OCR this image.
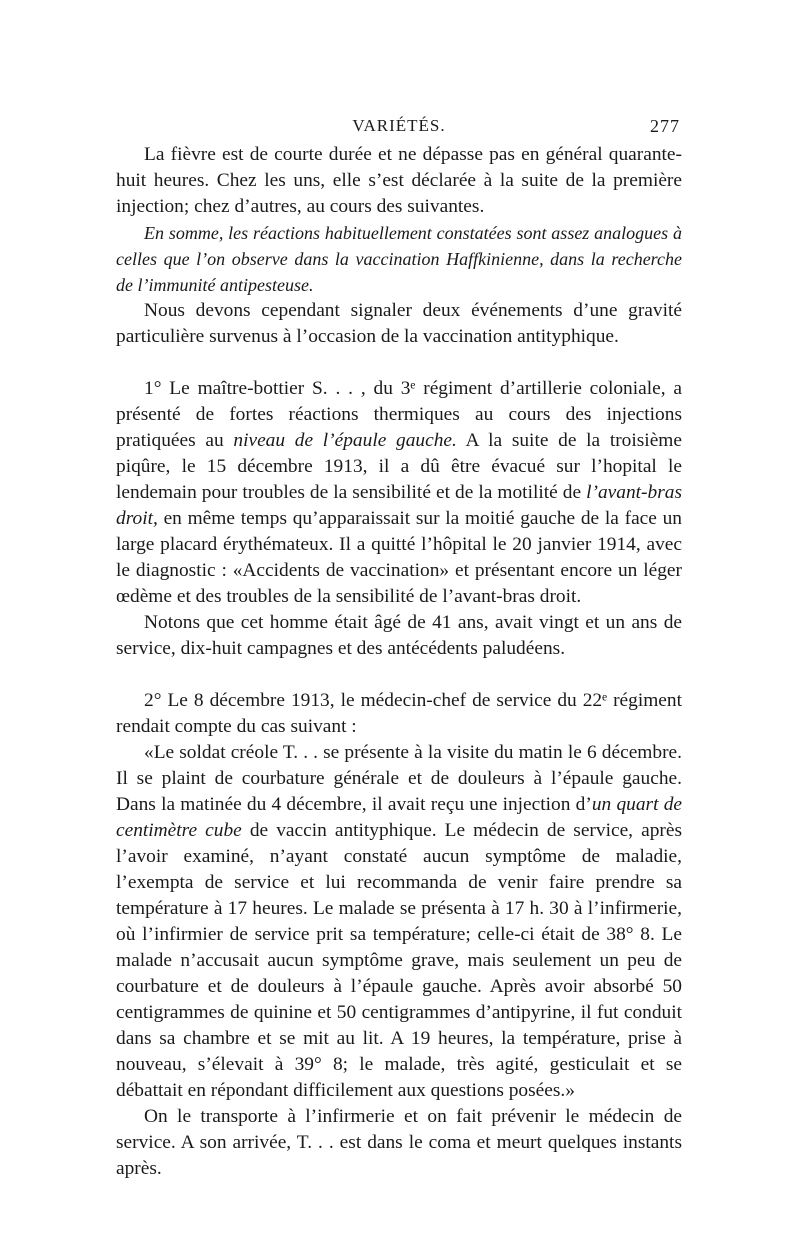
VARIÉTÉS.	277

La fièvre est de courte durée et ne dépasse pas en général quarante-huit heures. Chez les uns, elle s’est déclarée à la suite de la première injection; chez d’autres, au cours des suivantes.

En somme, les réactions habituellement constatées sont assez analogues à celles que l’on observe dans la vaccination Haffkinienne, dans la recherche de l’immunité antipesteuse.

Nous devons cependant signaler deux événements d’une gravité particulière survenus à l’occasion de la vaccination antityphique.

1° Le maître-bottier S. . . , du 3ᵉ régiment d’artillerie coloniale, a présenté de fortes réactions thermiques au cours des injections pratiquées au niveau de l’épaule gauche. A la suite de la troisième piqûre, le 15 décembre 1913, il a dû être évacué sur l’hopital le lendemain pour troubles de la sensibilité et de la motilité de l’avant-bras droit, en même temps qu’apparaissait sur la moitié gauche de la face un large placard érythémateux. Il a quitté l’hôpital le 20 janvier 1914, avec le diagnostic : «Accidents de vaccination» et présentant encore un léger œdème et des troubles de la sensibilité de l’avant-bras droit.

Notons que cet homme était âgé de 41 ans, avait vingt et un ans de service, dix-huit campagnes et des antécédents paludéens.

2° Le 8 décembre 1913, le médecin-chef de service du 22ᵉ régiment rendait compte du cas suivant :

«Le soldat créole T. . . se présente à la visite du matin le 6 décembre. Il se plaint de courbature générale et de douleurs à l’épaule gauche. Dans la matinée du 4 décembre, il avait reçu une injection d’un quart de centimètre cube de vaccin antityphique. Le médecin de service, après l’avoir examiné, n’ayant constaté aucun symptôme de maladie, l’exempta de service et lui recommanda de venir faire prendre sa température à 17 heures. Le malade se présenta à 17 h. 30 à l’infirmerie, où l’infirmier de service prit sa température; celle-ci était de 38° 8. Le malade n’accusait aucun symptôme grave, mais seulement un peu de courbature et de douleurs à l’épaule gauche. Après avoir absorbé 50 centigrammes de quinine et 50 centigrammes d’antipyrine, il fut conduit dans sa chambre et se mit au lit. A 19 heures, la température, prise à nouveau, s’élevait à 39° 8; le malade, très agité, gesticulait et se débattait en répondant difficilement aux questions posées.»

On le transporte à l’infirmerie et on fait prévenir le médecin de service. A son arrivée, T. . . est dans le coma et meurt quelques instants après.
